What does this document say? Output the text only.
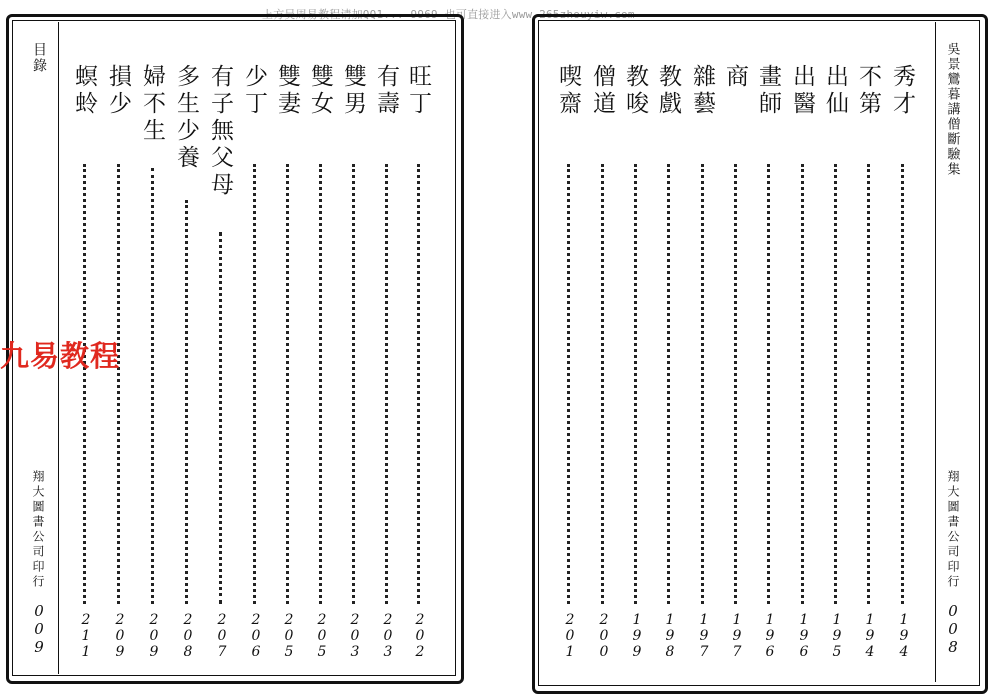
上方吴周易教程请加QQ1... 9969 也可直接进入www.265zhouyiw.com
目錄
翔大圖書公司印行
009
旺丁
202
有壽
203
雙男
203
雙女
205
雙妻
205
少丁
206
有子無父母
207
多生少養
208
婦不生
209
損少
209
螟蛉
211
吳景鸞暮講僧斷驗集
翔大圖書公司印行
008
秀才
194
不第
194
出仙
195
出醫
196
畫師
196
商
197
雜藝
197
教戲
198
教唆
199
僧道
200
喫齋
201
九易教程
